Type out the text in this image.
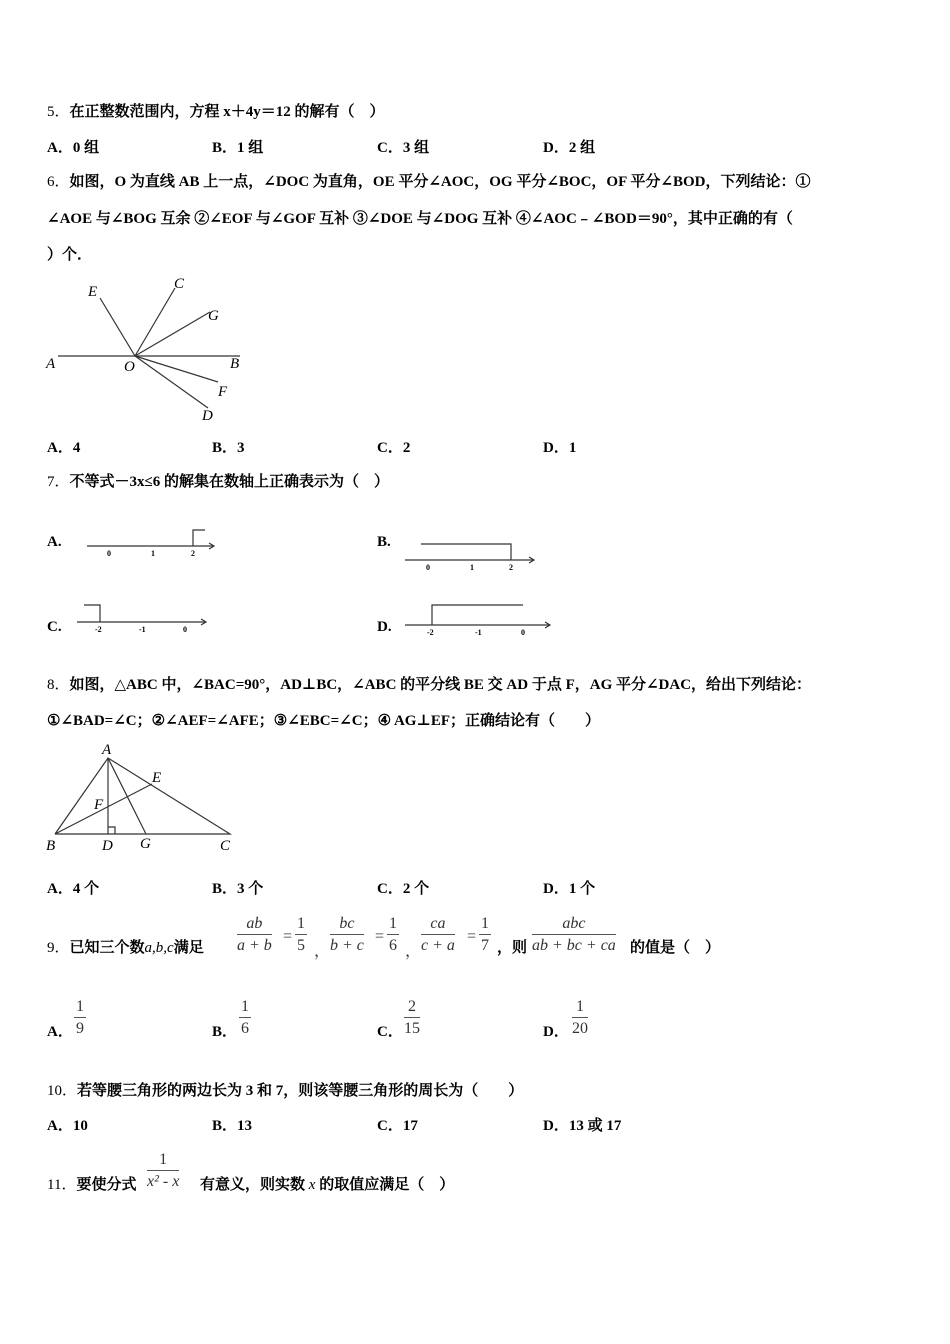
5．在正整数范围内，方程 x＋4y＝12 的解有（　）
A．0 组	B．1 组	C．3 组	D．2 组
6．如图，O 为直线 AB 上一点，∠DOC 为直角，OE 平分∠AOC，OG 平分∠BOC，OF 平分∠BOD，下列结论：①
∠AOE 与∠BOG 互余 ②∠EOF 与∠GOF 互补 ③∠DOE 与∠DOG 互补 ④∠AOC﹣∠BOD＝90°，其中正确的有（
）个．
A	B
O
E	C
G
F
D
A．4	B．3	C．2	D．1
7．不等式－3x≤6 的解集在数轴上正确表示为（　）
A.	B.
C.	D.
0	1	2
0	1	2
-2	-1	0	-2	-1	0
8．如图，△ABC 中，∠BAC=90°，AD⊥BC，∠ABC 的平分线 BE 交 AD 于点 F，AG 平分∠DAC，给出下列结论：
①∠BAD=∠C；②∠AEF=∠AFE；③∠EBC=∠C；④ AG⊥EF；正确结论有（　　）
A
E
F
B	D G	C
A．4 个	B．3 个	C．2 个	D．1 个
9．已知三个数a,b,c满足 $\frac{ab}{a + b} = \frac{1}{5}$ ， $\frac{bc}{b + c} = \frac{1}{6}$ ， $\frac{ca}{c + a} = \frac{1}{7}$ ，则
abc
ab + bc + ca 的值是（　）
A． $\frac{1}{9}$	B． $\frac{1}{6}$	C． $\frac{2}{15}$	D． $\frac{1}{20}$
10．若等腰三角形的两边长为 3 和 7，则该等腰三角形的周长为（　　）
A．10	B．13	C．17	D．13 或 17
11．要使分式 $\frac{1}{\text{x² - x}}$ 有意义，则实数 x 的取值应满足（　）
